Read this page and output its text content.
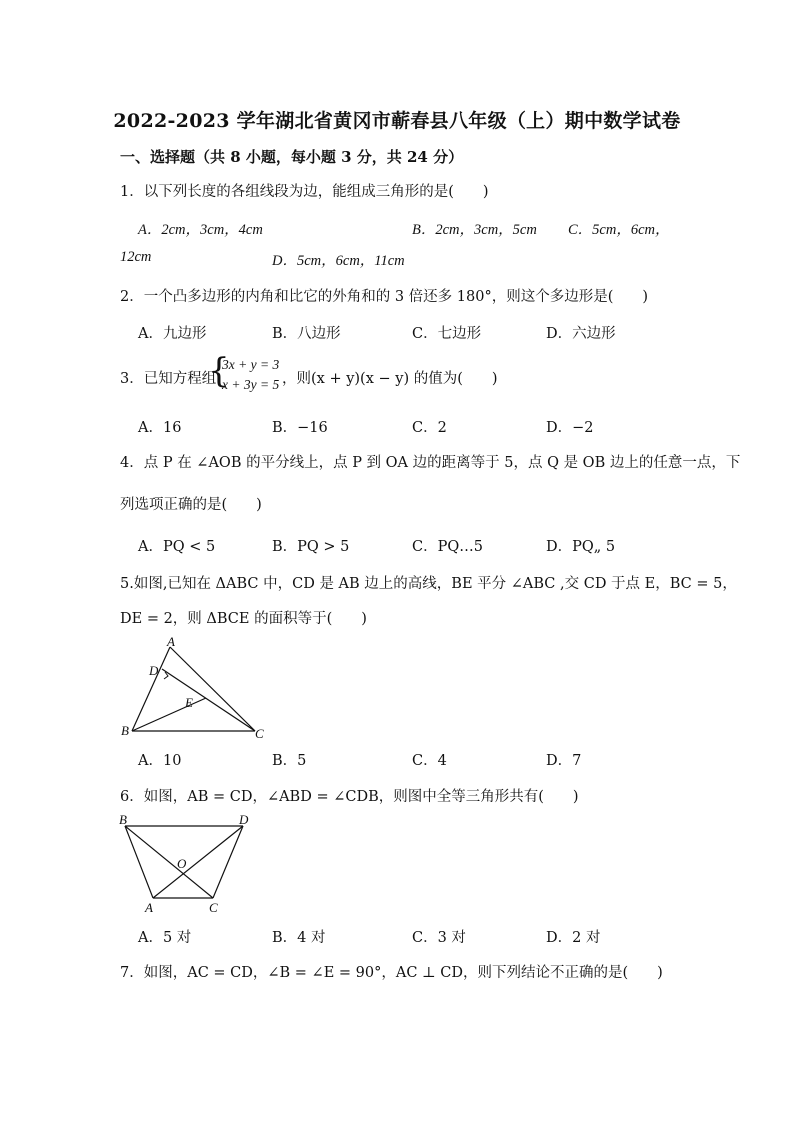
2022-2023 学年湖北省黄冈市蕲春县八年级（上）期中数学试卷
一、选择题（共 8 小题，每小题 3 分，共 24 分）
1．以下列长度的各组线段为边，能组成三角形的是(　　)
A．2cm，3cm，4cm	B．2cm，3cm，5cm C．5cm，6cm，
12cm	D．5cm，6cm，11cm
2．一个凸多边形的内角和比它的外角和的 3 倍还多 180°，则这个多边形是(　　)
A．九边形	B．八边形	C．七边形	D．六边形
3．已知方程组
{
3x + y = 3
x + 3y = 5 ，则(x + y)(x − y) 的值为(　　)
A．16	B．−16	C．2	D．−2
4．点 P 在 ∠AOB 的平分线上，点 P 到 OA 边的距离等于 5，点 Q 是 OB 边上的任意一点，下
列选项正确的是(　　)
A．PQ < 5	B．PQ > 5	C．PQ…5	D．PQ„ 5
5.如图,已知在 ΔABC 中，CD 是 AB 边上的高线，BE 平分 ∠ABC ,交 CD 于点 E，BC = 5，
DE = 2，则 ΔBCE 的面积等于(　　)
A
D
E
B	C
A．10	B．5	C．4	D．7
6．如图，AB = CD，∠ABD = ∠CDB，则图中全等三角形共有(　　)
B	D
O
A	C
A．5 对	B．4 对	C．3 对	D．2 对
7．如图，AC = CD，∠B = ∠E = 90°，AC ⊥ CD，则下列结论不正确的是(　　)
